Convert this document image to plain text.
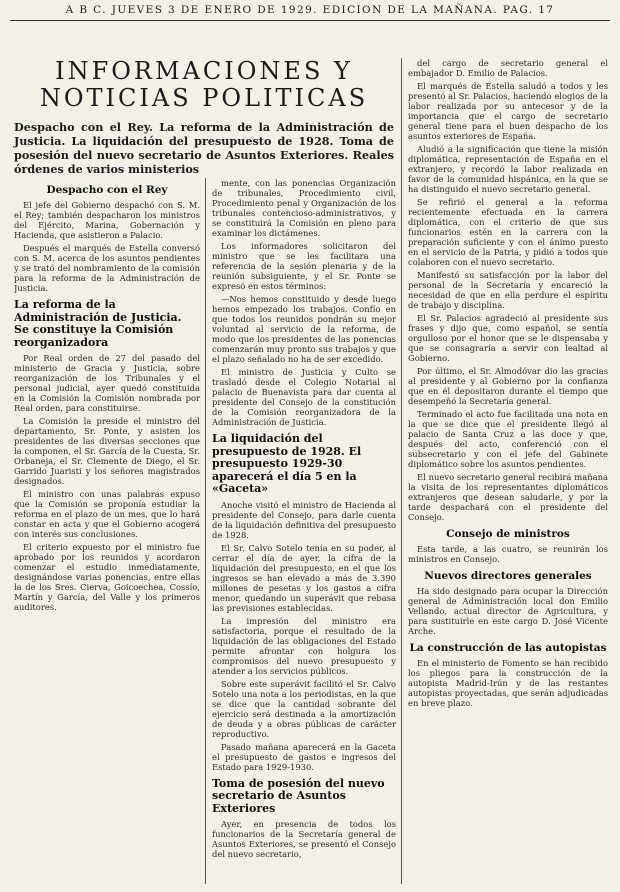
A B C. JUEVES 3 DE ENERO DE 1929. EDICION DE LA MAÑANA. PAG. 17
INFORMACIONES Y NOTICIAS POLITICAS
Despacho con el Rey. La reforma de la Administración de Justicia. La liquidación del presupuesto de 1928. Toma de posesión del nuevo secretario de Asuntos Exteriores. Reales órdenes de varios ministerios
Despacho con el Rey

El jefe del Gobierno despachó con S. M. el Rey; también despacharon los ministros del Ejército, Marina, Gobernación y Hacienda, que asistieron a Palacio.

Después el marqués de Estella conversó con S. M. acerca de los asuntos pendientes y se trató del nombramiento de la comisión para la reforma de la Administración de Justicia.

La reforma de la Administración de Justicia. Se constituye la Comisión reorganizadora

Por Real orden de 27 del pasado del ministerio de Gracia y Justicia, sobre reorganización de los Tribunales y el personal judicial, ayer quedó constituida en la Comisión la Comisión nombrada por Real orden, para constituirse.

La Comisión la preside el ministro del departamento, Sr. Ponte, y asisten los presidentes de las diversas secciones que la componen, el Sr. García de la Cuesta, Sr. Orbaneja, el Sr. Clemente de Diego, el Sr. Garrido Juaristi y los señores magistrados designados.

El ministro con unas palabras expuso que la Comisión se proponía estudiar la reforma en el plazo de un mes, que lo hará constar en acta y que el Gobierno acogerá con interés sus conclusiones.

El criterio expuesto por el ministro fue aprobado por los reunidos y acordaron comenzar el estudio inmediatamente, designándose varias ponencias, entre ellas la de los Sres. Cierva, Goicoechea, Cossío, Martín y García, del Valle y los primeros auditores.

mente, con las ponencias Organización de tribunales, Procedimiento civil, Procedimiento penal y Organización de los tribunales contencioso-administrativos, y se constituirá la Comisión en pleno para examinar los dictámenes.

Los informadores solicitaron del ministro que se les facilitara una referencia de la sesión plenaria y de la reunión subsiguiente, y el Sr. Ponte se expresó en estos términos:

—Nos hemos constituido y desde luego hemos empezado los trabajos. Confío en que todos los reunidos pondrán su mejor voluntad al servicio de la reforma, de modo que los presidentes de las ponencias comenzarán muy pronto sus trabajos y que el plazo señalado no ha de ser excedido.

El ministro de Justicia y Culto se trasladó desde el Colegio Notarial al palacio de Buenavista para dar cuenta al presidente del Consejo de la constitución de la Comisión reorganizadora de la Administración de Justicia.

La liquidación del presupuesto de 1928. El presupuesto 1929-30 aparecerá el día 5 en la «Gaceta»

Anoche visitó el ministro de Hacienda al presidente del Consejo, para darle cuenta de la liquidación definitiva del presupuesto de 1928.

El Sr. Calvo Sotelo tenía en su poder, al cerrar el día de ayer, la cifra de la liquidación del presupuesto, en el que los ingresos se han elevado a más de 3.390 millones de pesetas y los gastos a cifra menor, quedando un superávit que rebasa las previsiones establecidas.

La impresión del ministro era satisfactoria, porque el resultado de la liquidación de las obligaciones del Estado permite afrontar con holgura los compromisos del nuevo presupuesto y atender a los servicios públicos.

Sobre este superávit facilitó el Sr. Calvo Sotelo una nota a los periodistas, en la que se dice que la cantidad sobrante del ejercicio será destinada a la amortización de deuda y a obras públicas de carácter reproductivo.

Pasado mañana aparecerá en la Gaceta el presupuesto de gastos e ingresos del Estado para 1929-1930.

Toma de posesión del nuevo secretario de Asuntos Exteriores

Ayer, en presencia de todos los funcionarios de la Secretaría general de Asuntos Exteriores, se presentó el Consejo del nuevo secretario,

del cargo de secretario general el embajador D. Emilio de Palacios.

El marqués de Estella saludó a todos y les presentó al Sr. Palacios, haciendo elogios de la labor realizada por su antecesor y de la importancia que el cargo de secretario general tiene para el buen despacho de los asuntos exteriores de España.

Aludió a la significación que tiene la misión diplomática, representación de España en el extranjero, y recordó la labor realizada en favor de la comunidad hispánica, en la que se ha distinguido el nuevo secretario general.

Se refirió el general a la reforma recientemente efectuada en la carrera diplomática, con el criterio de que sus funcionarios estén en la carrera con la preparación suficiente y con el ánimo puesto en el servicio de la Patria, y pidió a todos que colaboren con el nuevo secretario.

Manifestó su satisfacción por la labor del personal de la Secretaría y encareció la necesidad de que en ella perdure el espíritu de trabajo y disciplina.

El Sr. Palacios agradeció al presidente sus frases y dijo que, como español, se sentía orgulloso por el honor que se le dispensaba y que se consagraría a servir con lealtad al Gobierno.

Por último, el Sr. Almodóvar dio las gracias al presidente y al Gobierno por la confianza que en él depositaron durante el tiempo que desempeñó la Secretaría general.

Terminado el acto fue facilitada una nota en la que se dice que el presidente llegó al palacio de Santa Cruz a las doce y que, después del acto, conferenció con el subsecretario y con el jefe del Gabinete diplomático sobre los asuntos pendientes.

El nuevo secretario general recibirá mañana la visita de los representantes diplomáticos extranjeros que desean saludarle, y por la tarde despachará con el presidente del Consejo.

Consejo de ministros

Esta tarde, a las cuatro, se reunirán los ministros en Consejo.

Nuevos directores generales

Ha sido designado para ocupar la Dirección general de Administración local don Emilio Vellando, actual director de Agricultura, y para sustituirle en este cargo D. José Vicente Arche.

La construcción de las autopistas

En el ministerio de Fomento se han recibido los pliegos para la construcción de la autopista Madrid-Irún y de las restantes autopistas proyectadas, que serán adjudicadas en breve plazo.
